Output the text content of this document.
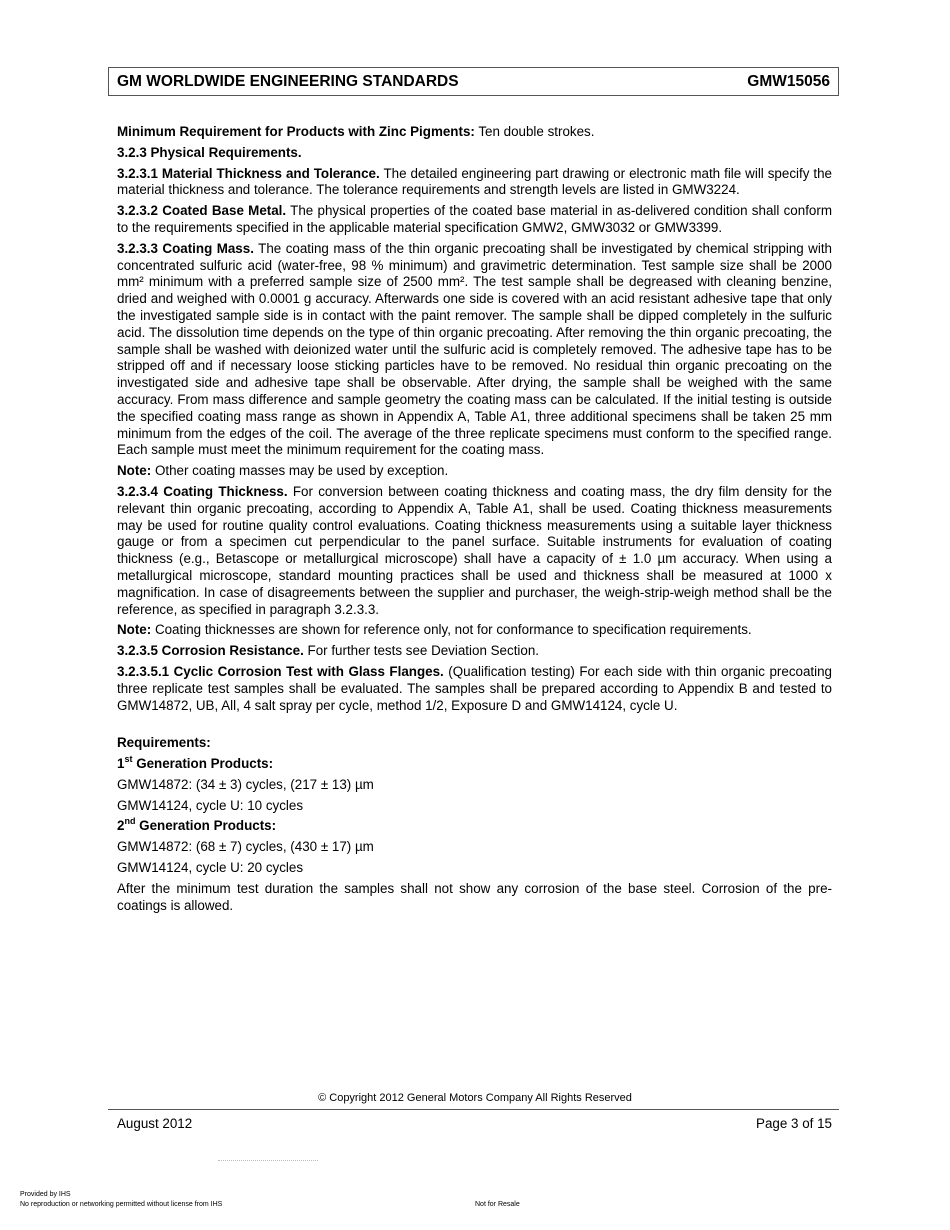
GM WORLDWIDE ENGINEERING STANDARDS	GMW15056

Minimum Requirement for Products with Zinc Pigments: Ten double strokes.

3.2.3 Physical Requirements.

3.2.3.1 Material Thickness and Tolerance. The detailed engineering part drawing or electronic math file will specify the material thickness and tolerance. The tolerance requirements and strength levels are listed in GMW3224.

3.2.3.2 Coated Base Metal. The physical properties of the coated base material in as-delivered condition shall conform to the requirements specified in the applicable material specification GMW2, GMW3032 or GMW3399.

3.2.3.3 Coating Mass. The coating mass of the thin organic precoating shall be investigated by chemical stripping with concentrated sulfuric acid (water-free, 98 % minimum) and gravimetric determination. Test sample size shall be 2000 mm² minimum with a preferred sample size of 2500 mm². The test sample shall be degreased with cleaning benzine, dried and weighed with 0.0001 g accuracy. Afterwards one side is covered with an acid resistant adhesive tape that only the investigated sample side is in contact with the paint remover. The sample shall be dipped completely in the sulfuric acid. The dissolution time depends on the type of thin organic precoating. After removing the thin organic precoating, the sample shall be washed with deionized water until the sulfuric acid is completely removed. The adhesive tape has to be stripped off and if necessary loose sticking particles have to be removed. No residual thin organic precoating on the investigated side and adhesive tape shall be observable. After drying, the sample shall be weighed with the same accuracy. From mass difference and sample geometry the coating mass can be calculated. If the initial testing is outside the specified coating mass range as shown in Appendix A, Table A1, three additional specimens shall be taken 25 mm minimum from the edges of the coil. The average of the three replicate specimens must conform to the specified range. Each sample must meet the minimum requirement for the coating mass.

Note: Other coating masses may be used by exception.

3.2.3.4 Coating Thickness. For conversion between coating thickness and coating mass, the dry film density for the relevant thin organic precoating, according to Appendix A, Table A1, shall be used. Coating thickness measurements may be used for routine quality control evaluations. Coating thickness measurements using a suitable layer thickness gauge or from a specimen cut perpendicular to the panel surface. Suitable instruments for evaluation of coating thickness (e.g., Betascope or metallurgical microscope) shall have a capacity of ± 1.0 µm accuracy. When using a metallurgical microscope, standard mounting practices shall be used and thickness shall be measured at 1000 x magnification. In case of disagreements between the supplier and purchaser, the weigh-strip-weigh method shall be the reference, as specified in paragraph 3.2.3.3.

Note: Coating thicknesses are shown for reference only, not for conformance to specification requirements.

3.2.3.5 Corrosion Resistance. For further tests see Deviation Section.

3.2.3.5.1 Cyclic Corrosion Test with Glass Flanges. (Qualification testing) For each side with thin organic precoating three replicate test samples shall be evaluated. The samples shall be prepared according to Appendix B and tested to GMW14872, UB, All, 4 salt spray per cycle, method 1/2, Exposure D and GMW14124, cycle U.

Requirements:

1st Generation Products:

GMW14872: (34 ± 3) cycles, (217 ± 13) µm

GMW14124, cycle U: 10 cycles

2nd Generation Products:

GMW14872: (68 ± 7) cycles, (430 ± 17) µm

GMW14124, cycle U: 20 cycles

After the minimum test duration the samples shall not show any corrosion of the base steel. Corrosion of the pre-coatings is allowed.

© Copyright 2012 General Motors Company All Rights Reserved
August 2012	Page 3 of 15
Provided by IHS
No reproduction or networking permitted without license from IHS	Not for Resale
